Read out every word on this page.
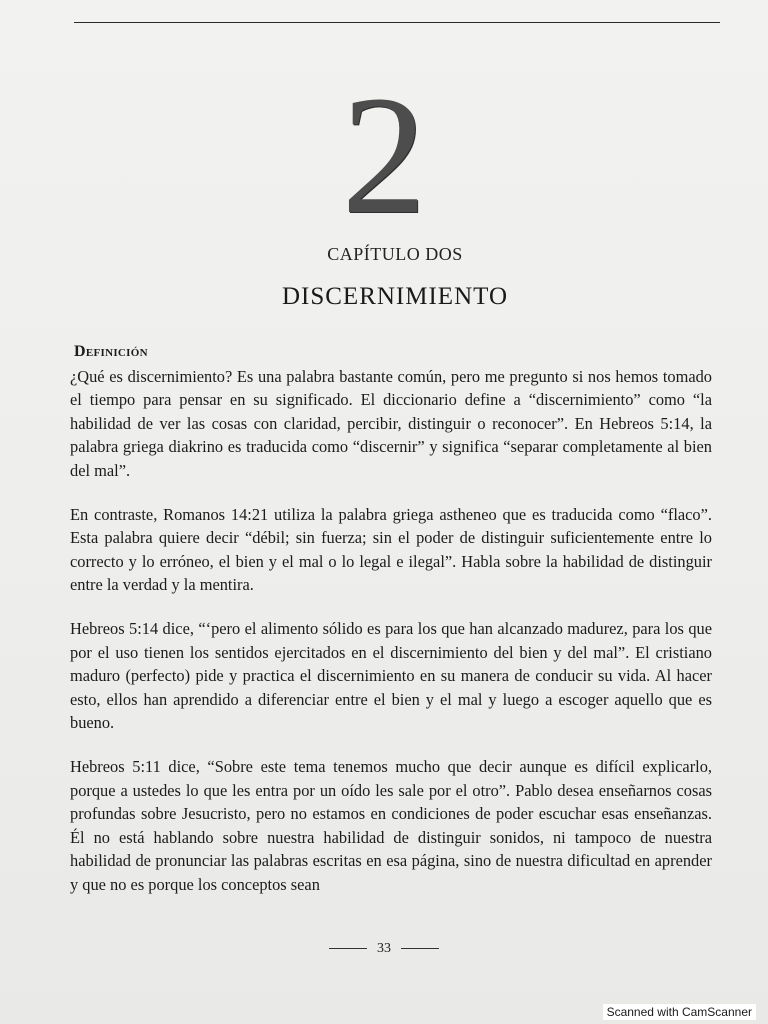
2
CAPÍTULO DOS
DISCERNIMIENTO
Definición

¿Qué es discernimiento? Es una palabra bastante común, pero me pregunto si nos hemos tomado el tiempo para pensar en su significado. El diccionario define a “discernimiento” como “la habilidad de ver las cosas con claridad, percibir, distinguir o reconocer”. En Hebreos 5:14, la palabra griega diakrino es traducida como “discernir” y significa “separar completamente al bien del mal”.

En contraste, Romanos 14:21 utiliza la palabra griega astheneo que es traducida como “flaco”. Esta palabra quiere decir “débil; sin fuerza; sin el poder de distinguir suficientemente entre lo correcto y lo erróneo, el bien y el mal o lo legal e ilegal”. Habla sobre la habilidad de distinguir entre la verdad y la mentira.

Hebreos 5:14 dice, “‘pero el alimento sólido es para los que han alcanzado madurez, para los que por el uso tienen los sentidos ejercitados en el discernimiento del bien y del mal”. El cristiano maduro (perfecto) pide y practica el discernimiento en su manera de conducir su vida. Al hacer esto, ellos han aprendido a diferenciar entre el bien y el mal y luego a escoger aquello que es bueno.

Hebreos 5:11 dice, “Sobre este tema tenemos mucho que decir aunque es difícil explicarlo, porque a ustedes lo que les entra por un oído les sale por el otro”. Pablo desea enseñarnos cosas profundas sobre Jesucristo, pero no estamos en condiciones de poder escuchar esas enseñanzas. Él no está hablando sobre nuestra habilidad de distinguir sonidos, ni tampoco de nuestra habilidad de pronunciar las palabras escritas en esa página, sino de nuestra dificultad en aprender y que no es porque los conceptos sean

33
Scanned with CamScanner
